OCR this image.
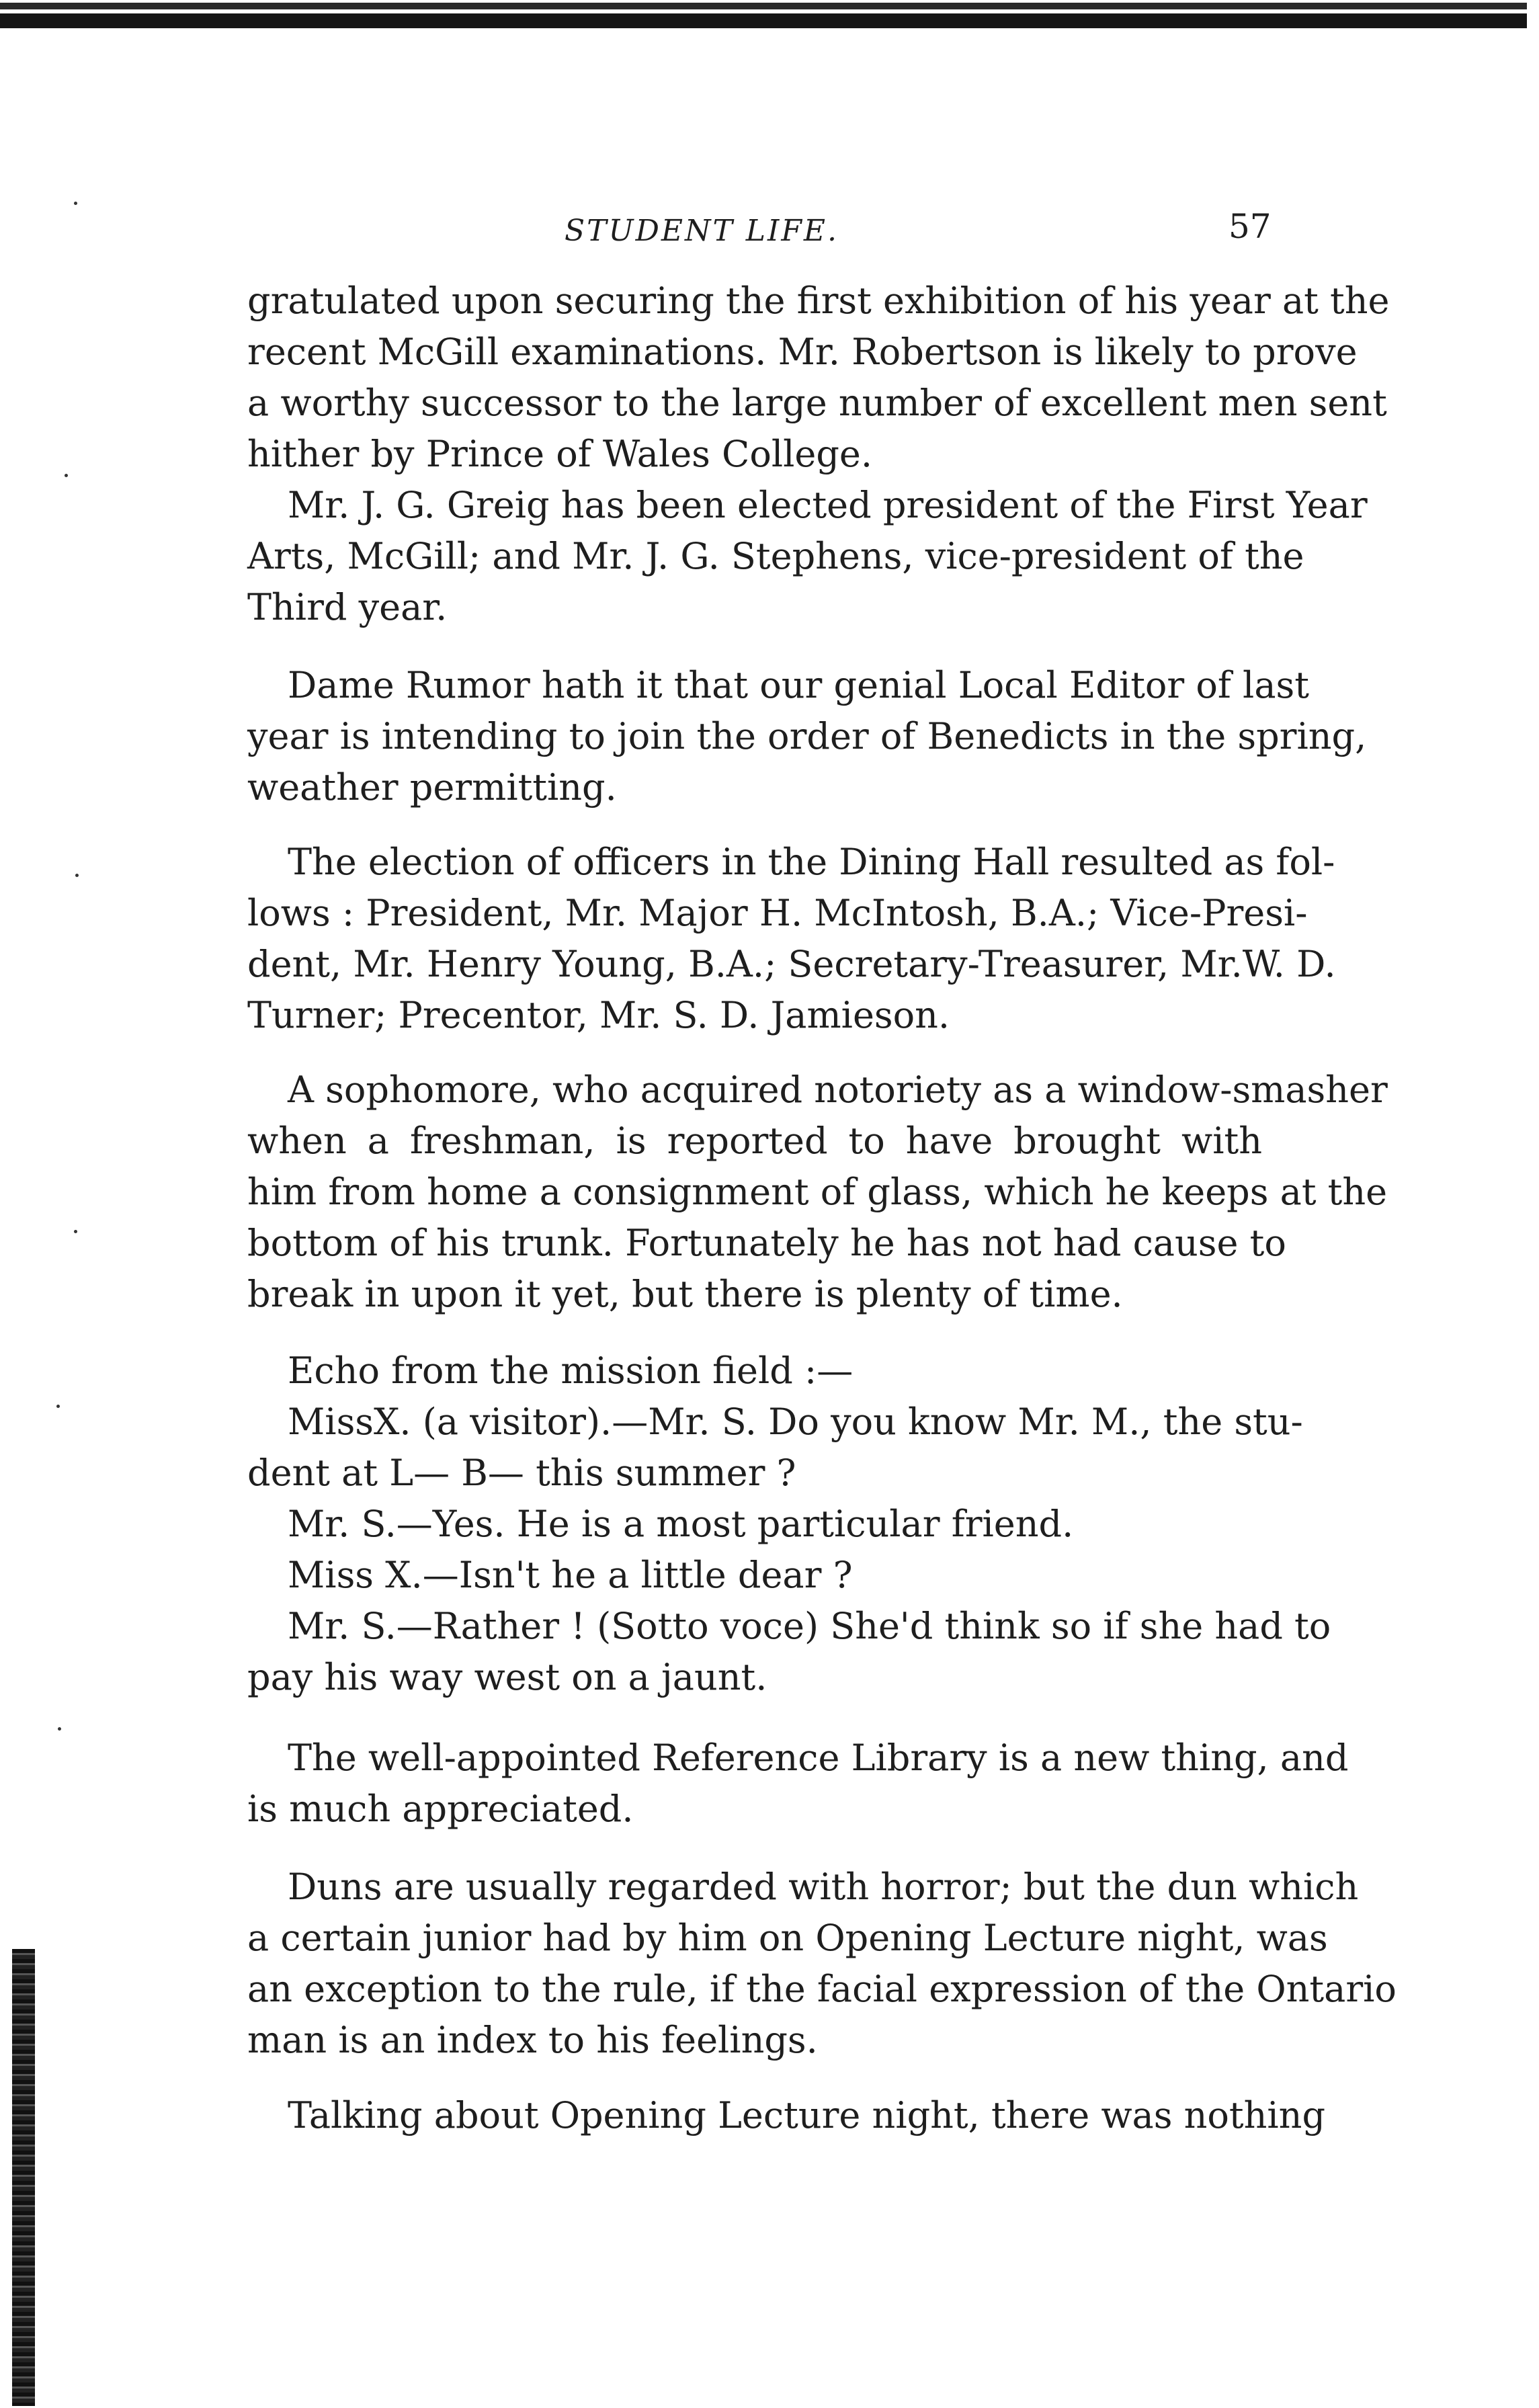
STUDENT LIFE.	57
gratulated upon securing the first exhibition of his year at the
recent McGill examinations. Mr. Robertson is likely to prove
a worthy successor to the large number of excellent men sent
hither by Prince of Wales College.
Mr. J. G. Greig has been elected president of the First Year
Arts, McGill; and Mr. J. G. Stephens, vice-president of the
Third year.
Dame Rumor hath it that our genial Local Editor of last
year is intending to join the order of Benedicts in the spring,
weather permitting.
The election of officers in the Dining Hall resulted as fol-
lows : President, Mr. Major H. McIntosh, B.A.; Vice-Presi-
dent, Mr. Henry Young, B.A.; Secretary-Treasurer, Mr.W. D.
Turner; Precentor, Mr. S. D. Jamieson.
A sophomore, who acquired notoriety as a window-smasher
when a freshman, is reported to have brought with
him from home a consignment of glass, which he keeps at the
bottom of his trunk. Fortunately he has not had cause to
break in upon it yet, but there is plenty of time.
Echo from the mission field :—
MissX. (a visitor).—Mr. S. Do you know Mr. M., the stu-
dent at L— B— this summer ?
Mr. S.—Yes. He is a most particular friend.
Miss X.—Isn't he a little dear ?
Mr. S.—Rather ! (Sotto voce) She'd think so if she had to
pay his way west on a jaunt.
The well-appointed Reference Library is a new thing, and
is much appreciated.
Duns are usually regarded with horror; but the dun which
a certain junior had by him on Opening Lecture night, was
an exception to the rule, if the facial expression of the Ontario
man is an index to his feelings.
Talking about Opening Lecture night, there was nothing
